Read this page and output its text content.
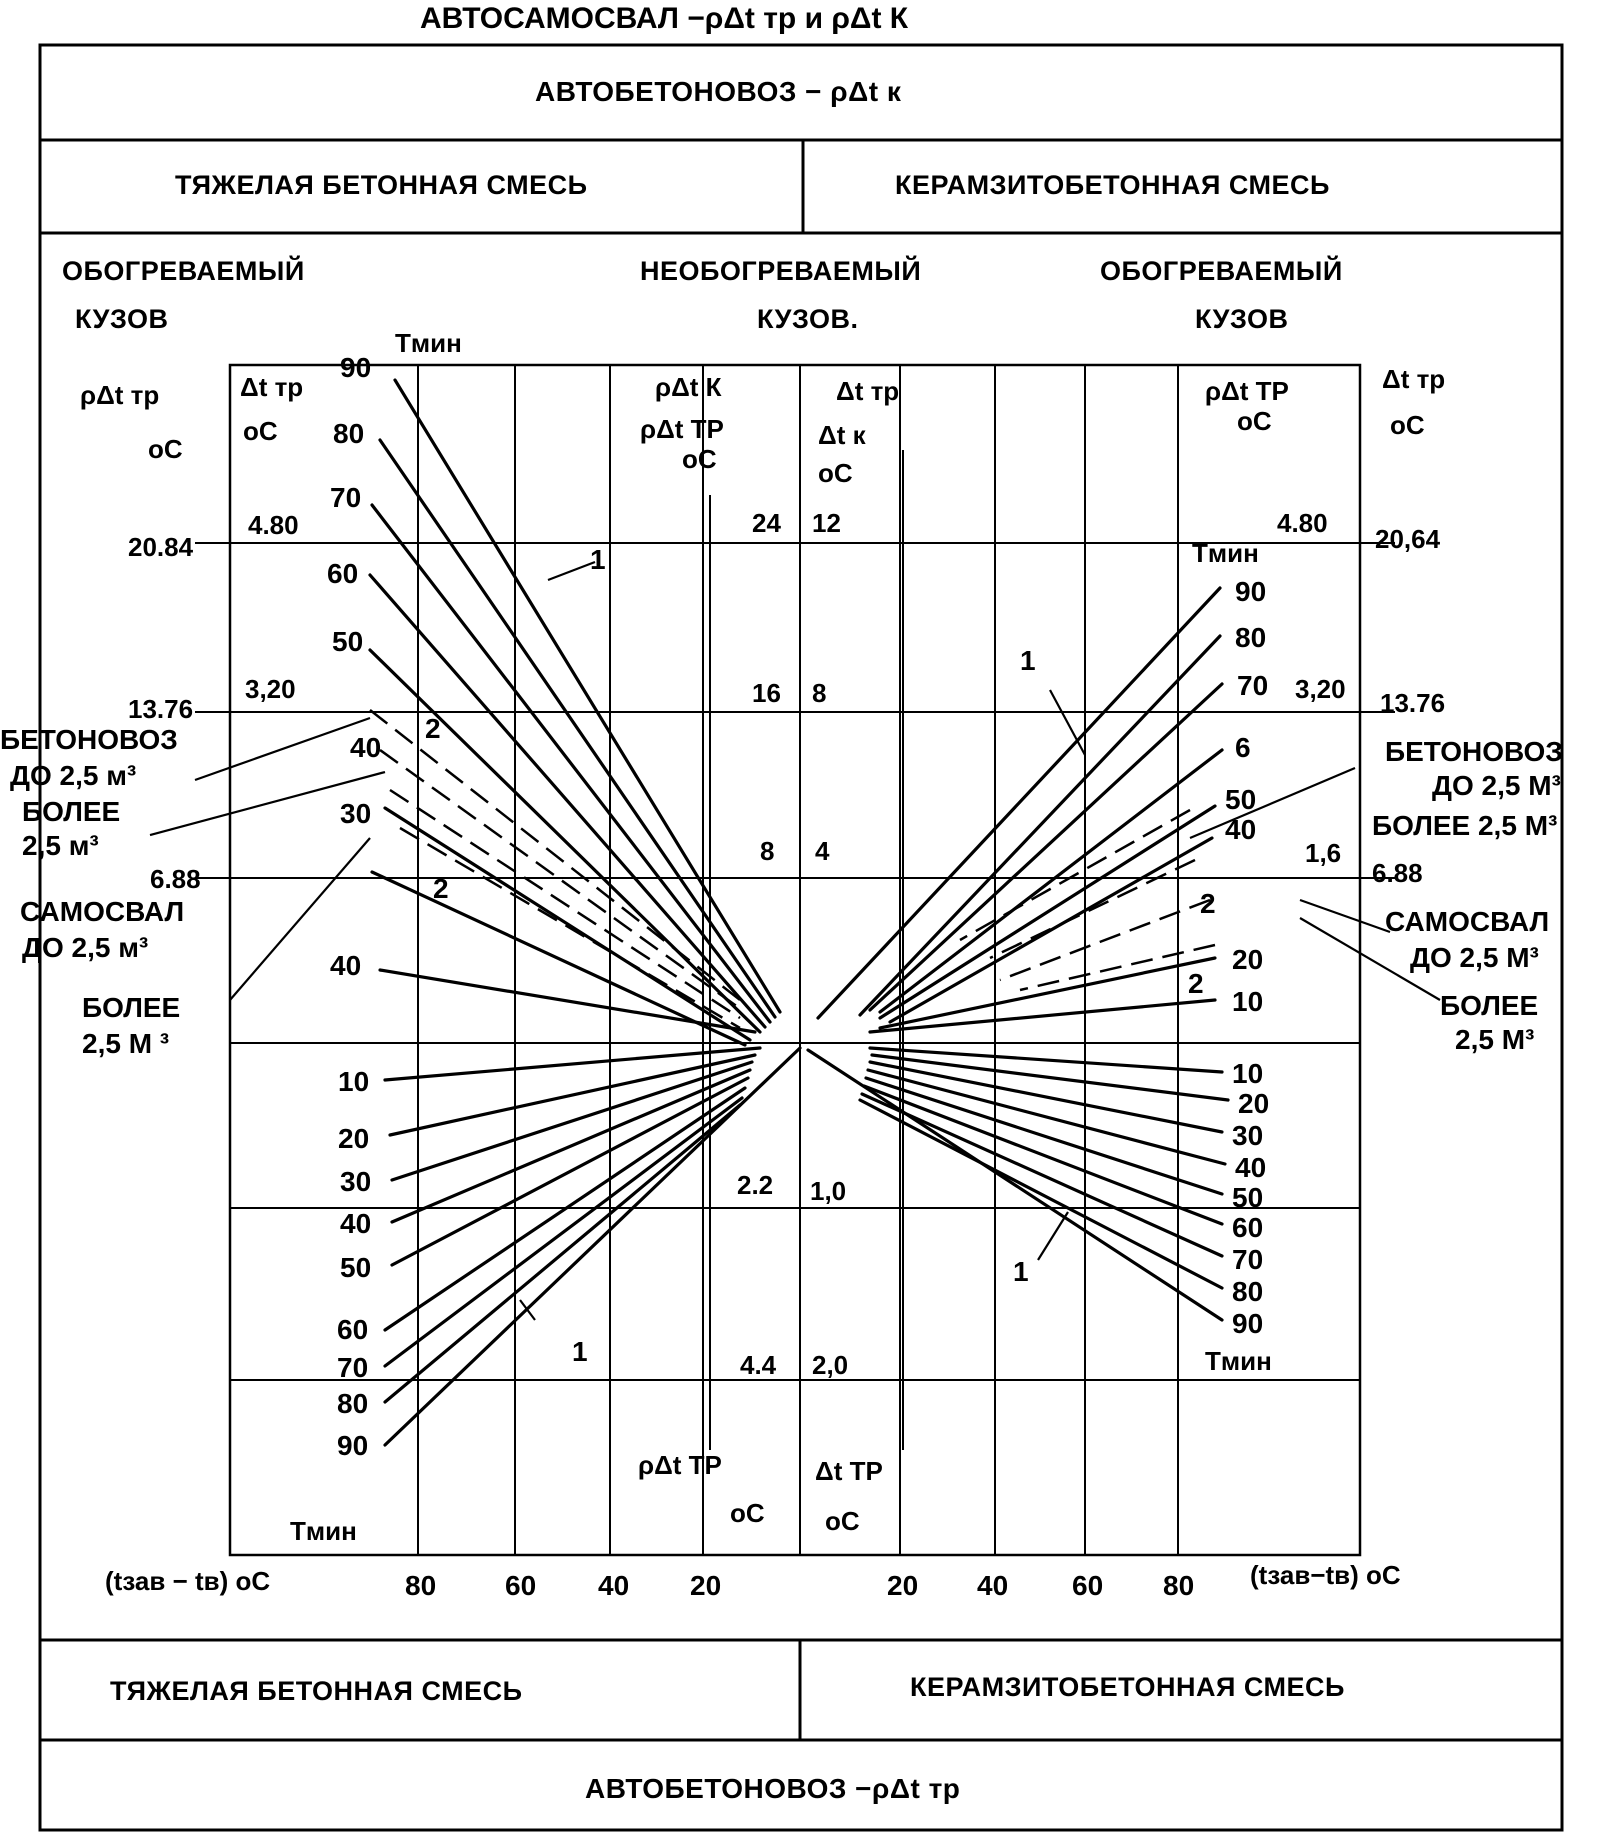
АВТОСАМОСВАЛ −ρΔt тр и ρΔt К
АВТОБЕТОНОВОЗ − ρΔt к
ТЯЖЕЛАЯ БЕТОННАЯ СМЕСЬ	КЕРАМЗИТОБЕТОННАЯ СМЕСЬ
ТЯЖЕЛАЯ БЕТОННАЯ СМЕСЬ	КЕРАМЗИТОБЕТОННАЯ СМЕСЬ
АВТОБЕТОНОВОЗ −ρΔt тр
ОБОГРЕВАЕМЫЙ
КУЗОВ
НЕОБОГРЕВАЕМЫЙ
КУЗОВ.
ОБОГРЕВАЕМЫЙ
КУЗОВ
ρΔt тр
оС
Δt тр
оС
ρΔt К
ρΔt ТР
оС
Δt тр
Δt к
оС
ρΔt ТР
оС
Δt тр
оС
ρΔt ТР
оС
Δt ТР
оС
Tмин
Tмин
Tмин
Tмин
(tзав − tв) оС	(tзав−tв) оС
20.84
13.76
6.88
4.80
3,20
24
16
8
12
8
4
2.2
4.4
1,0
2,0
4.80
3,20
1,6
20,64
13.76
6.88
80 60 40 20	20 40 60 80
90
80
70
60
50
40
30
40
90
80
70
6
50
40
20
10
10
20
30
40
50
60
70
80
90
10
20
30
40
50
60
70
80
90
1
2
2
1
1
2
2
1
БЕТОНОВОЗ
ДО 2,5 м³
БОЛЕЕ
2,5 м³
САМОСВАЛ
ДО 2,5 м³
БОЛЕЕ
2,5 М ³
БЕТОНОВОЗ
ДО 2,5 М³
БОЛЕЕ 2,5 М³
САМОСВАЛ
ДО 2,5 М³
БОЛЕЕ
2,5 М³
